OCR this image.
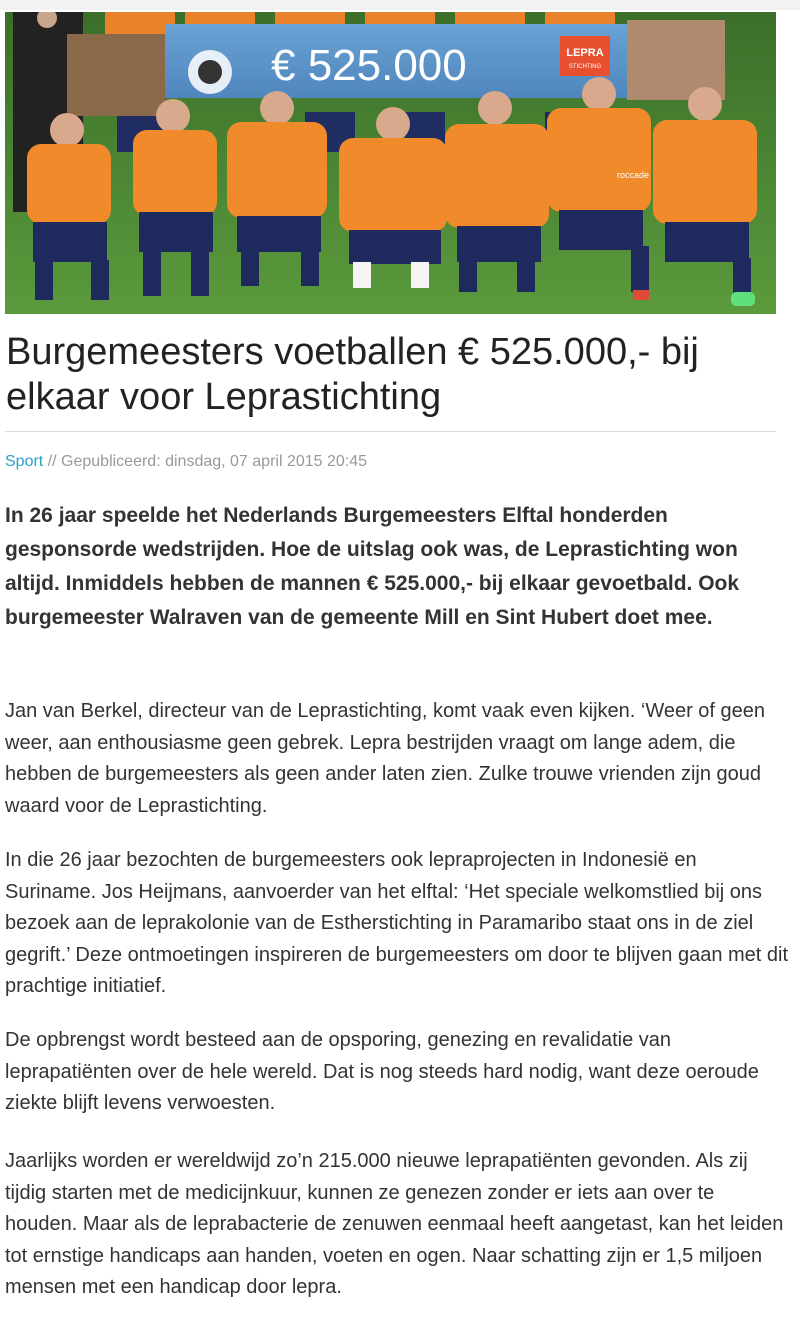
€ 525.000	LEPRA
STICHTING
roccade
Burgemeesters voetballen € 525.000,- bij elkaar voor Leprastichting
Sport // Gepubliceerd: dinsdag, 07 april 2015 20:45

In 26 jaar speelde het Nederlands Burgemeesters Elftal honderden gesponsorde wedstrijden. Hoe de uitslag ook was, de Leprastichting won altijd. Inmiddels hebben de mannen € 525.000,- bij elkaar gevoetbald. Ook burgemeester Walraven van de gemeente Mill en Sint Hubert doet mee.

Jan van Berkel, directeur van de Leprastichting, komt vaak even kijken. ‘Weer of geen weer, aan enthousiasme geen gebrek. Lepra bestrijden vraagt om lange adem, die hebben de burgemeesters als geen ander laten zien. Zulke trouwe vrienden zijn goud waard voor de Leprastichting.

In die 26 jaar bezochten de burgemeesters ook lepraprojecten in Indonesië en Suriname. Jos Heijmans, aanvoerder van het elftal: ‘Het speciale welkomstlied bij ons bezoek aan de leprakolonie van de Estherstichting in Paramaribo staat ons in de ziel gegrift.’ Deze ontmoetingen inspireren de burgemeesters om door te blijven gaan met dit prachtige initiatief.

De opbrengst wordt besteed aan de opsporing, genezing en revalidatie van leprapatiënten over de hele wereld. Dat is nog steeds hard nodig, want deze oeroude ziekte blijft levens verwoesten.

Jaarlijks worden er wereldwijd zo’n 215.000 nieuwe leprapatiënten gevonden. Als zij tijdig starten met de medicijnkuur, kunnen ze genezen zonder er iets aan over te houden. Maar als de leprabacterie de zenuwen eenmaal heeft aangetast, kan het leiden tot ernstige handicaps aan handen, voeten en ogen. Naar schatting zijn er 1,5 miljoen mensen met een handicap door lepra.
